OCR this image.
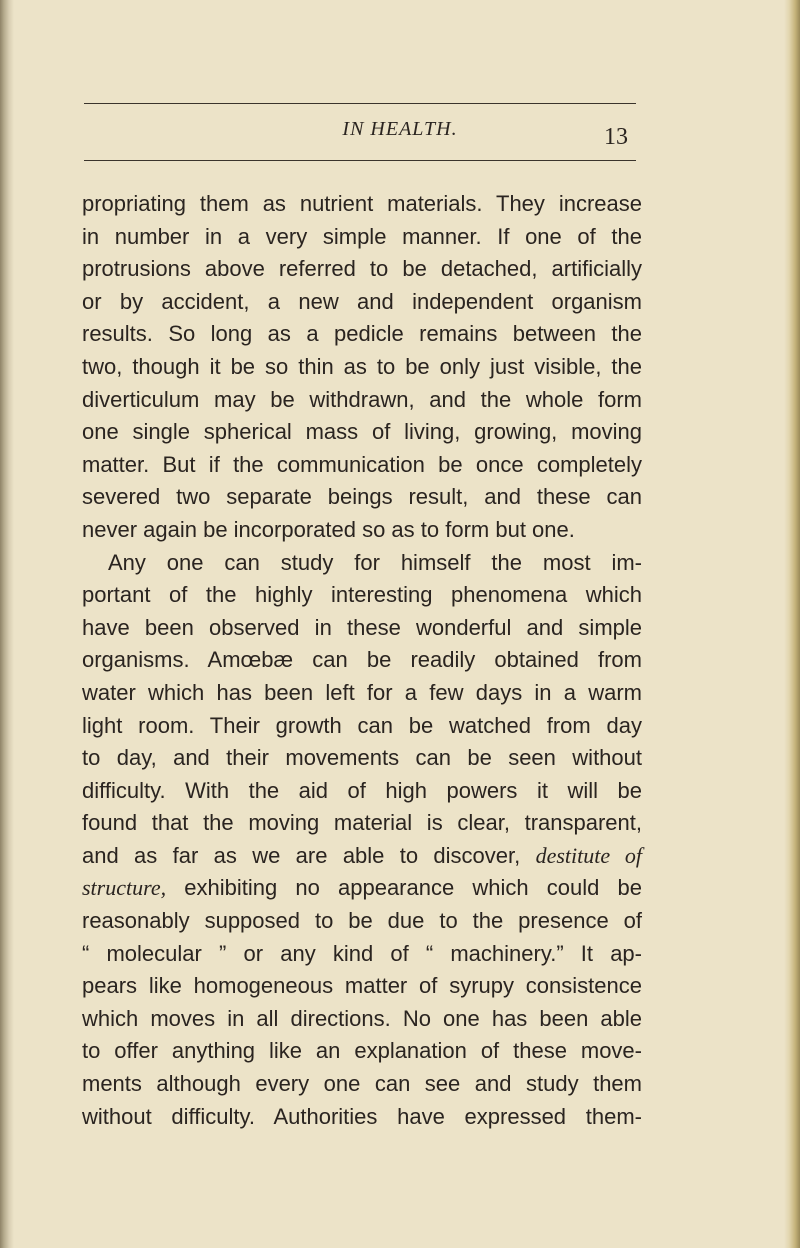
IN HEALTH.	13
propriating them as nutrient materials. They increase
in number in a very simple manner. If one of the
protrusions above referred to be detached, artificially
or by accident, a new and independent organism
results. So long as a pedicle remains between the
two, though it be so thin as to be only just visible, the
diverticulum may be withdrawn, and the whole form
one single spherical mass of living, growing, moving
matter. But if the communication be once completely
severed two separate beings result, and these can
never again be incorporated so as to form but one.
Any one can study for himself the most im-
portant of the highly interesting phenomena which
have been observed in these wonderful and simple
organisms. Amœbæ can be readily obtained from
water which has been left for a few days in a warm
light room. Their growth can be watched from day
to day, and their movements can be seen without
difficulty. With the aid of high powers it will be
found that the moving material is clear, transparent,
and as far as we are able to discover, destitute of
structure, exhibiting no appearance which could be
reasonably supposed to be due to the presence of
“ molecular ” or any kind of “ machinery.” It ap-
pears like homogeneous matter of syrupy consistence
which moves in all directions. No one has been able
to offer anything like an explanation of these move-
ments although every one can see and study them
without difficulty. Authorities have expressed them-
